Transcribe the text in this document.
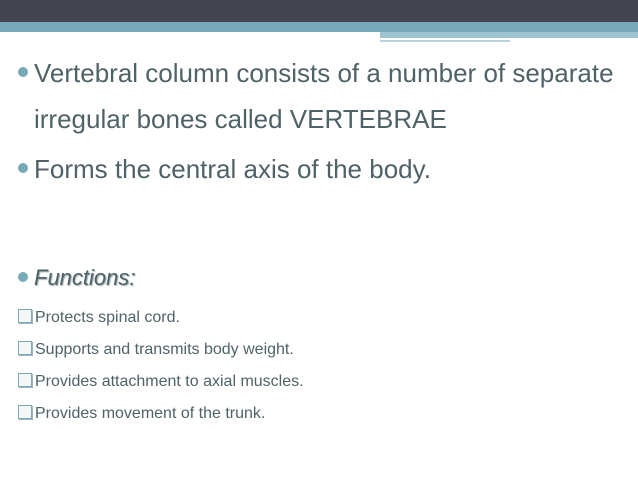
Vertebral column consists of a number of separate

irregular bones called VERTEBRAE

Forms the central axis of the body.

Functions:
Protects spinal cord.
Supports and transmits body weight.
Provides attachment to axial muscles.
Provides movement of the trunk.
